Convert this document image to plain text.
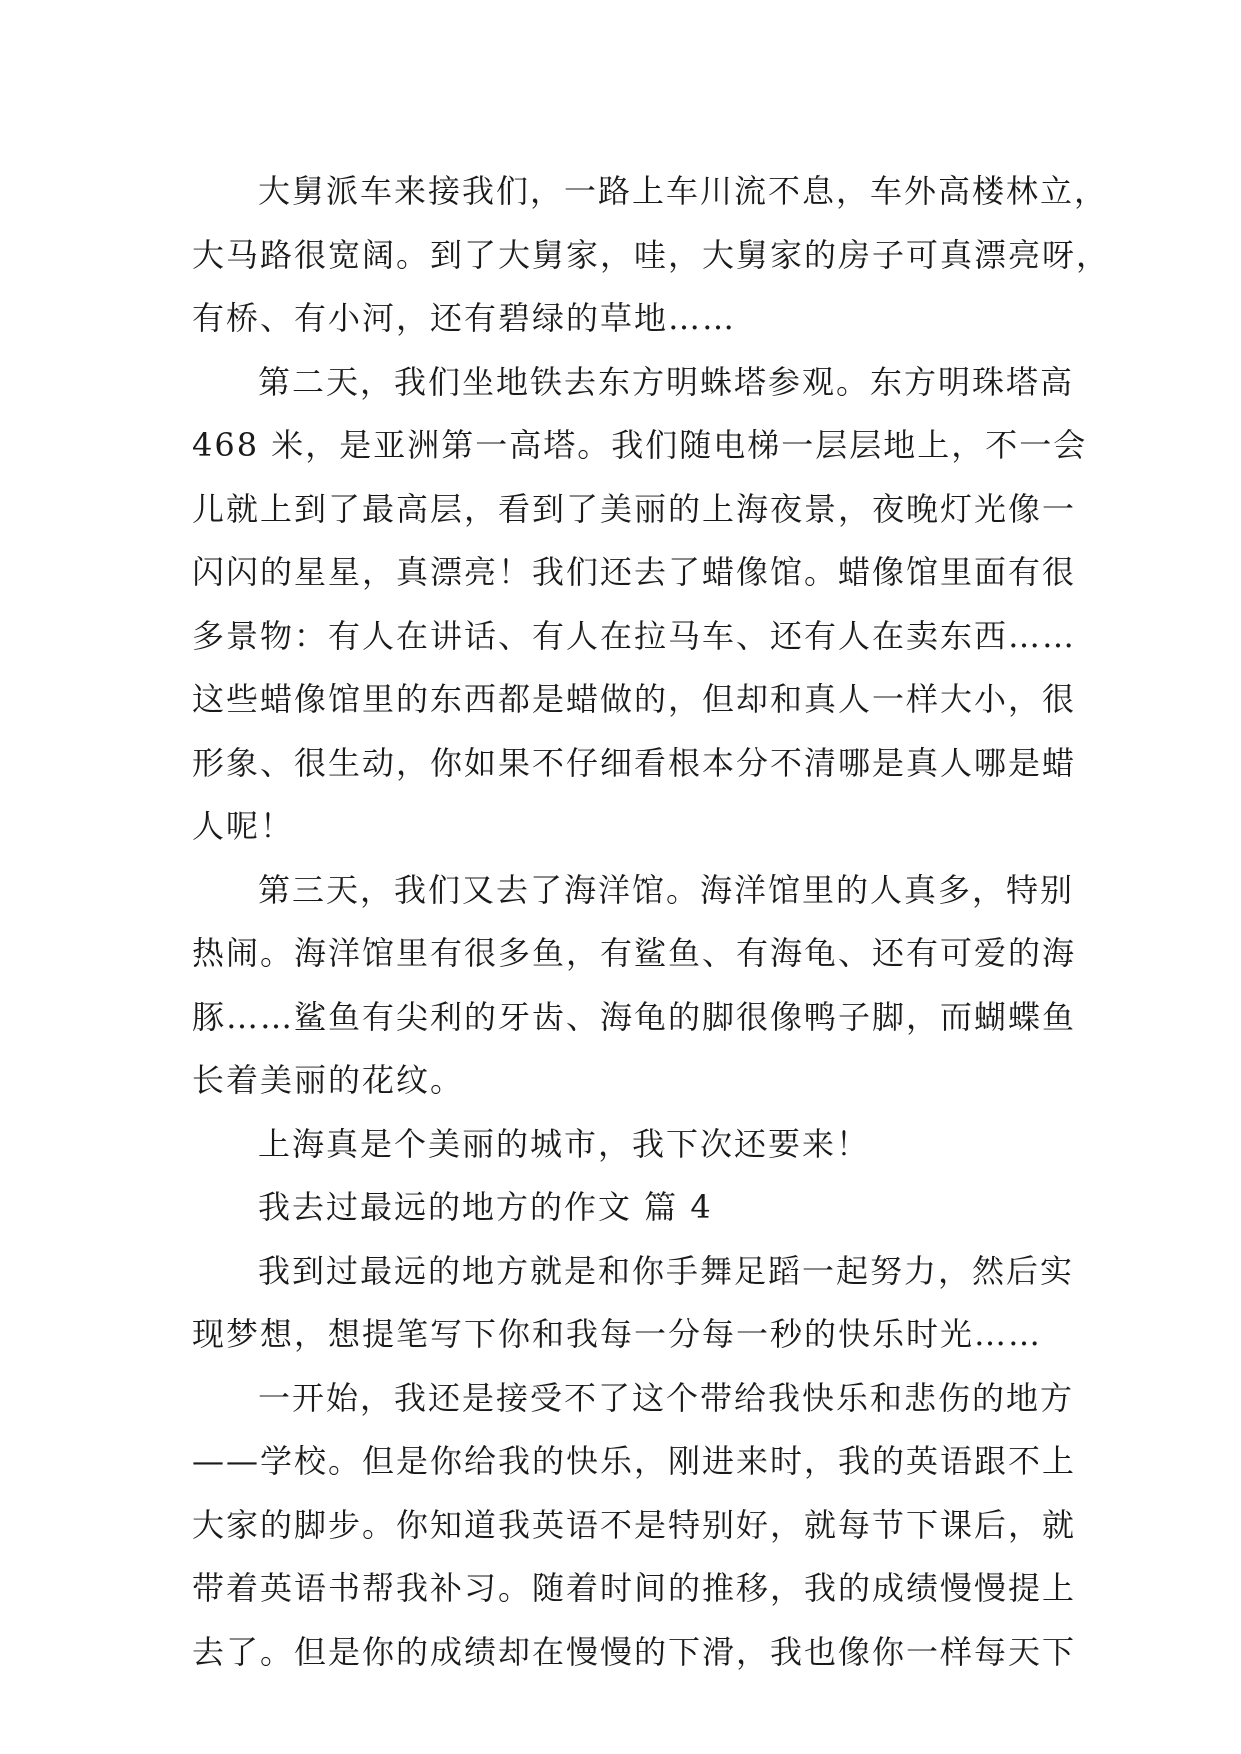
大舅派车来接我们，一路上车川流不息，车外高楼林立，
大马路很宽阔。到了大舅家，哇，大舅家的房子可真漂亮呀，
有桥、有小河，还有碧绿的草地……
第二天，我们坐地铁去东方明蛛塔参观。东方明珠塔高
468 米，是亚洲第一高塔。我们随电梯一层层地上，不一会
儿就上到了最高层，看到了美丽的上海夜景，夜晚灯光像一
闪闪的星星，真漂亮！我们还去了蜡像馆。蜡像馆里面有很
多景物：有人在讲话、有人在拉马车、还有人在卖东西……
这些蜡像馆里的东西都是蜡做的，但却和真人一样大小，很
形象、很生动，你如果不仔细看根本分不清哪是真人哪是蜡
人呢！
第三天，我们又去了海洋馆。海洋馆里的人真多，特别
热闹。海洋馆里有很多鱼，有鲨鱼、有海龟、还有可爱的海
豚……鲨鱼有尖利的牙齿、海龟的脚很像鸭子脚，而蝴蝶鱼
长着美丽的花纹。
上海真是个美丽的城市，我下次还要来！
我去过最远的地方的作文 篇 4
我到过最远的地方就是和你手舞足蹈一起努力，然后实
现梦想，想提笔写下你和我每一分每一秒的快乐时光……
一开始，我还是接受不了这个带给我快乐和悲伤的地方
——学校。但是你给我的快乐，刚进来时，我的英语跟不上
大家的脚步。你知道我英语不是特别好，就每节下课后，就
带着英语书帮我补习。随着时间的推移，我的成绩慢慢提上
去了。但是你的成绩却在慢慢的下滑，我也像你一样每天下
